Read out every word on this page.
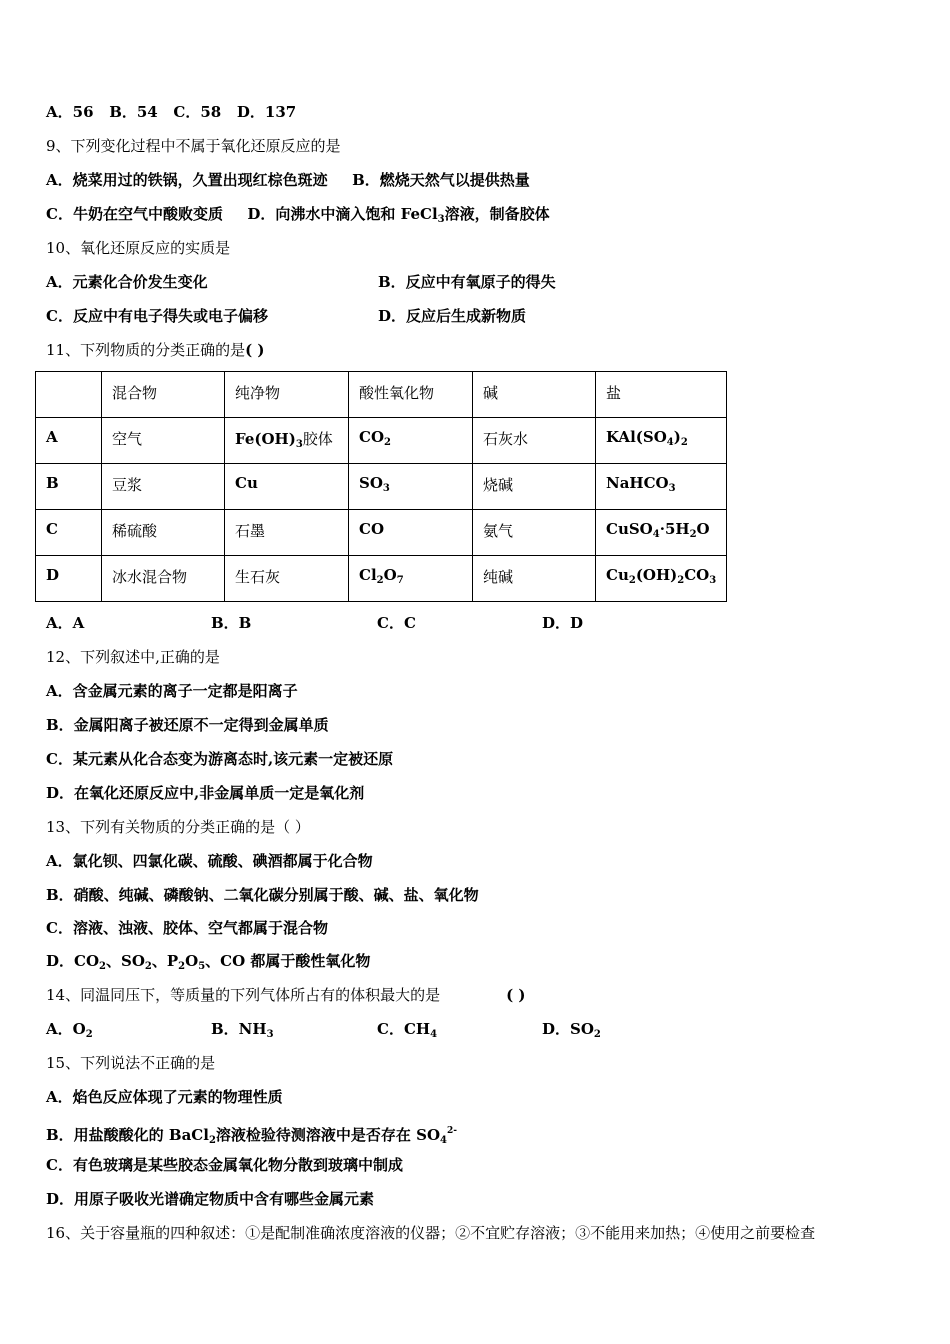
A．56 B．54 C．58 D．137
9、下列变化过程中不属于氧化还原反应的是
A．烧菜用过的铁锅，久置出现红棕色斑迹 B．燃烧天然气以提供热量
C．牛奶在空气中酸败变质 D．向沸水中滴入饱和 FeCl$_3$溶液，制备胶体
10、氧化还原反应的实质是
A．元素化合价发生变化	B．反应中有氧原子的得失
C．反应中有电子得失或电子偏移	D．反应后生成新物质
11、下列物质的分类正确的是( )
	混合物	纯净物	酸性氧化物	碱	盐
A	空气	$Fe(OH)_3$胶体	$CO_2$	石灰水	$KAl(SO_4)_2$
B	豆浆	Cu	$SO_3$	烧碱	NaHCO$_3$
C	稀硫酸	石墨	CO	氨气	$CuSO_4\cdot 5H_2O$
D	冰水混合物	生石灰	$Cl_2O_7$	纯碱	$Cu_2(OH)_2CO_3$
A．A	B．B	C．C	D．D
12、下列叙述中,正确的是
A．含金属元素的离子一定都是阳离子
B．金属阳离子被还原不一定得到金属单质
C．某元素从化合态变为游离态时,该元素一定被还原
D．在氧化还原反应中,非金属单质一定是氧化剂
13、下列有关物质的分类正确的是（ ）
A．氯化钡、四氯化碳、硫酸、碘酒都属于化合物
B．硝酸、纯碱、磷酸钠、二氧化碳分别属于酸、碱、盐、氧化物
C．溶液、浊液、胶体、空气都属于混合物
D．$CO_2$、$SO_2$、$P_2O_5$、CO 都属于酸性氧化物
14、同温同压下，等质量的下列气体所占有的体积最大的是	( )
A．$O_2$	B．$NH_3$	C．$CH_4$	D．$SO_2$
15、下列说法不正确的是
A．焰色反应体现了元素的物理性质
B．用盐酸酸化的 BaCl$_2$溶液检验待测溶液中是否存在 $SO_4^{2-}$
C．有色玻璃是某些胶态金属氧化物分散到玻璃中制成
D．用原子吸收光谱确定物质中含有哪些金属元素
16、关于容量瓶的四种叙述：①是配制准确浓度溶液的仪器；②不宜贮存溶液；③不能用来加热；④使用之前要检查
